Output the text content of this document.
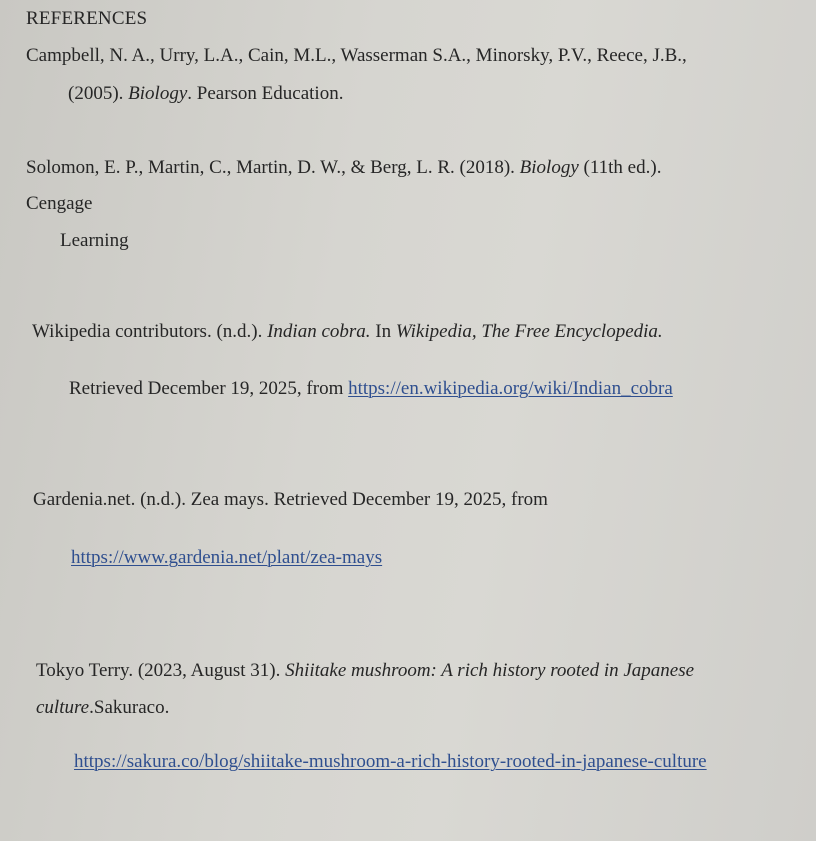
REFERENCES
Campbell, N. A., Urry, L.A., Cain, M.L., Wasserman S.A., Minorsky, P.V., Reece, J.B.,
(2005). Biology. Pearson Education.
Solomon, E. P., Martin, C., Martin, D. W., & Berg, L. R. (2018). Biology (11th ed.).
Cengage
Learning
Wikipedia contributors. (n.d.). Indian cobra. In Wikipedia, The Free Encyclopedia.
Retrieved December 19, 2025, from https://en.wikipedia.org/wiki/Indian_cobra
Gardenia.net. (n.d.). Zea mays. Retrieved December 19, 2025, from
https://www.gardenia.net/plant/zea-mays
Tokyo Terry. (2023, August 31). Shiitake mushroom: A rich history rooted in Japanese
culture.Sakuraco.
https://sakura.co/blog/shiitake-mushroom-a-rich-history-rooted-in-japanese-culture
